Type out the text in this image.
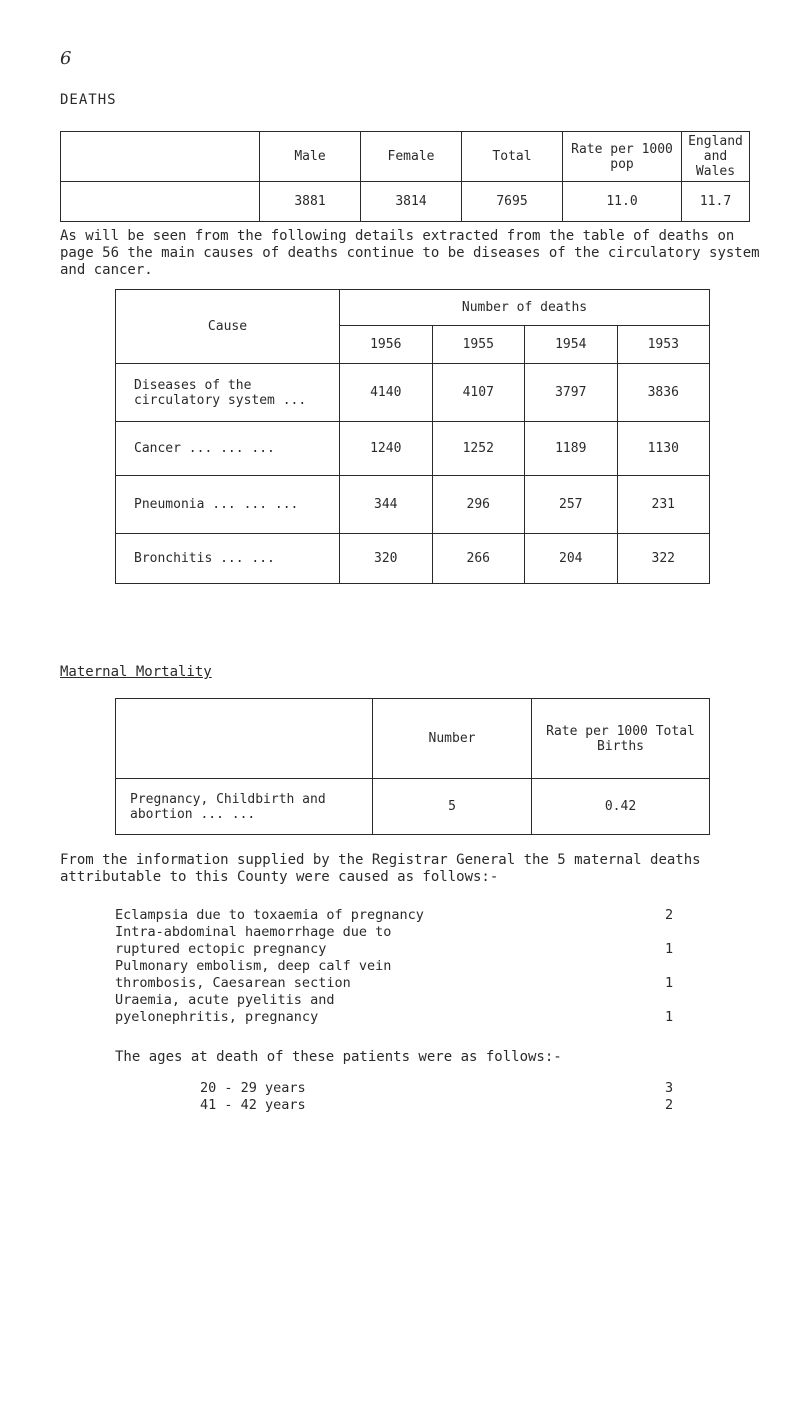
6
DEATHS
	Male	Female	Total	Rate per 1000 pop	England and Wales
	3881	3814	7695	11.0	11.7
As will be seen from the following details extracted from the table of deaths on page 56 the main causes of deaths continue to be diseases of the circulatory system and cancer.
Cause	Number of deaths			
	1956	1955	1954	1953
Diseases of the circulatory system ...	4140	4107	3797	3836
Cancer ... ... ...	1240	1252	1189	1130
Pneumonia ... ... ...	344	296	257	231
Bronchitis ... ...	320	266	204	322
Maternal Mortality
	Number	Rate per 1000 Total Births
Pregnancy, Childbirth and abortion ... ...	5	0.42
From the information supplied by the Registrar General the 5 maternal deaths attributable to this County were caused as follows:-
Eclampsia due to toxaemia of pregnancy	2
Intra-abdominal haemorrhage due to ruptured ectopic pregnancy	1
Pulmonary embolism, deep calf vein thrombosis, Caesarean section	1
Uraemia, acute pyelitis and pyelonephritis, pregnancy	1
The ages at death of these patients were as follows:-
20 - 29 years	3
41 - 42 years	2
